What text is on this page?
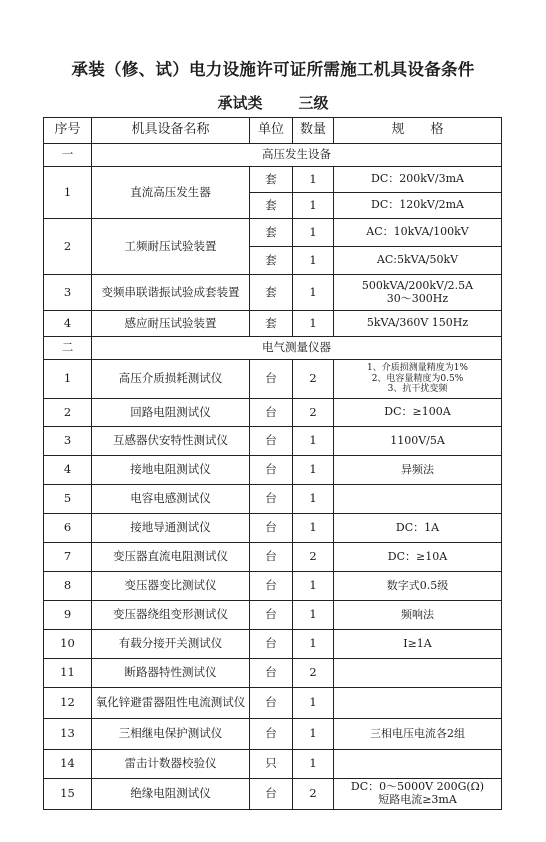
承装（修、试）电力设施许可证所需施工机具设备条件
承试类 三级
序号	机具设备名称	单位	数量	规　　格
一	高压发生设备			
1	直流高压发生器	套	1	DC：200kV/3mA
		套	1	DC：120kV/2mA
2	工频耐压试验装置	套	1	AC：10kVA/100kV
		套	1	AC:5kVA/50kV
3	变频串联谐振试验成套装置	套	1	500kVA/200kV/2.5A
30～300Hz

4	感应耐压试验装置	套	1	5kVA/360V 150Hz
二	电气测量仪器			
1	高压介质损耗测试仪	台	2	1、介质损测量精度为1%
2、电容量精度为0.5%
3、抗干扰变频

2	回路电阻测试仪	台	2	DC：≥100A
3	互感器伏安特性测试仪	台	1	1100V/5A
4	接地电阻测试仪	台	1	异频法
5	电容电感测试仪	台	1	
6	接地导通测试仪	台	1	DC：1A
7	变压器直流电阻测试仪	台	2	DC：≥10A
8	变压器变比测试仪	台	1	数字式0.5级
9	变压器绕组变形测试仪	台	1	频响法
10	有载分接开关测试仪	台	1	I≥1A
11	断路器特性测试仪	台	2	
12	氧化锌避雷器阻性电流测试仪	台	1	
13	三相继电保护测试仪	台	1	三相电压电流各2组
14	雷击计数器校验仪	只	1	
15	绝缘电阻测试仪	台	2	DC：0～5000V 200G(Ω)
短路电流≥3mA
